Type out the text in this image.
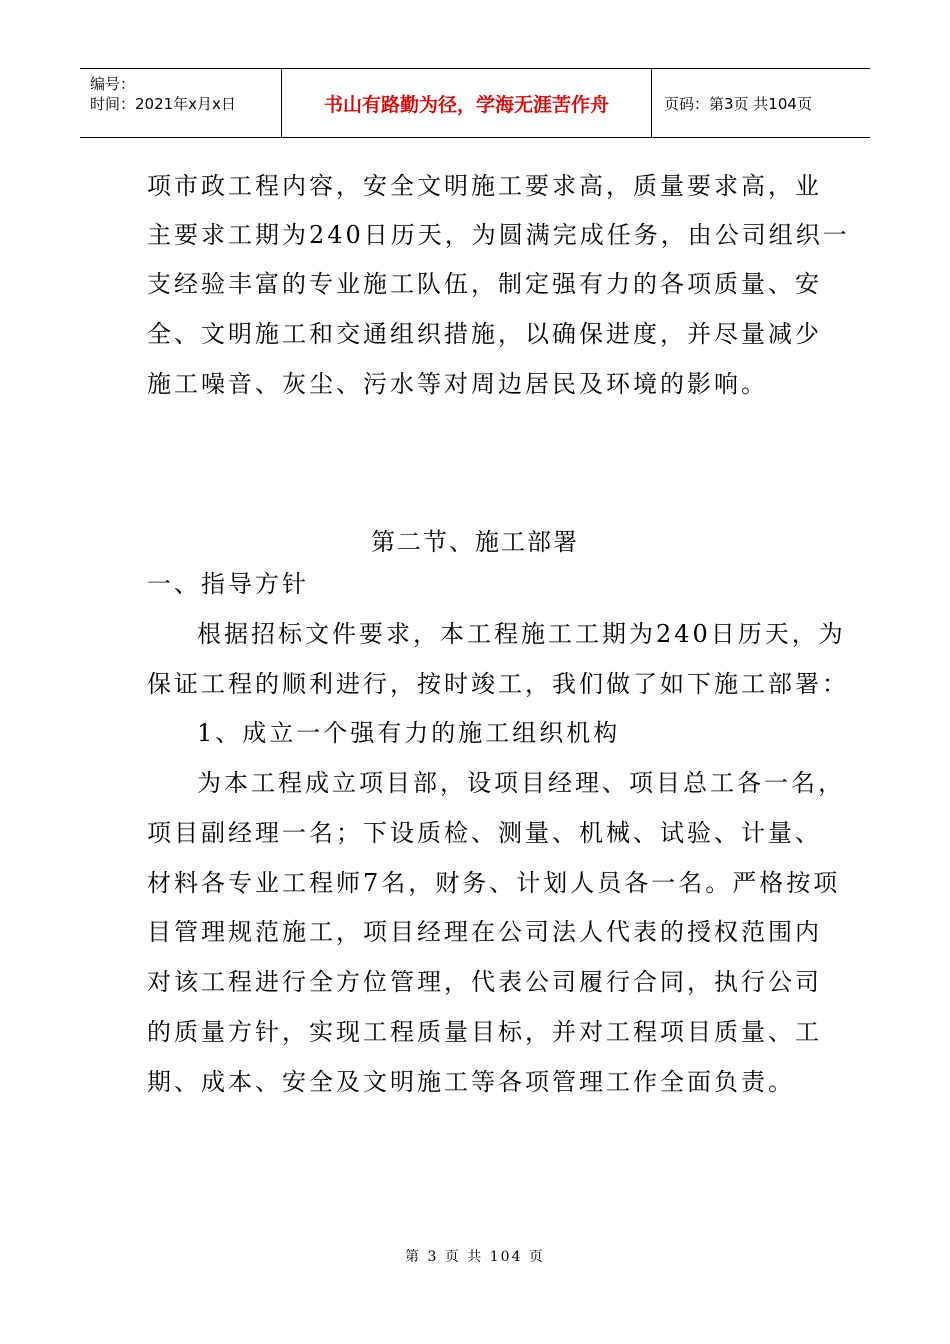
编号：
时间：2021年x月x日	书山有路勤为径，学海无涯苦作舟	页码：第3页 共104页
项市政工程内容，安全文明施工要求高，质量要求高，业
主要求工期为240日历天，为圆满完成任务，由公司组织一
支经验丰富的专业施工队伍，制定强有力的各项质量、安
全、文明施工和交通组织措施，以确保进度，并尽量减少
施工噪音、灰尘、污水等对周边居民及环境的影响。
第二节、施工部署
一、指导方针
根据招标文件要求，本工程施工工期为240日历天，为
保证工程的顺利进行，按时竣工，我们做了如下施工部署：
1、成立一个强有力的施工组织机构
为本工程成立项目部，设项目经理、项目总工各一名，
项目副经理一名；下设质检、测量、机械、试验、计量、
材料各专业工程师7名，财务、计划人员各一名。严格按项
目管理规范施工，项目经理在公司法人代表的授权范围内
对该工程进行全方位管理，代表公司履行合同，执行公司
的质量方针，实现工程质量目标，并对工程项目质量、工
期、成本、安全及文明施工等各项管理工作全面负责。
第 3 页 共 104 页
